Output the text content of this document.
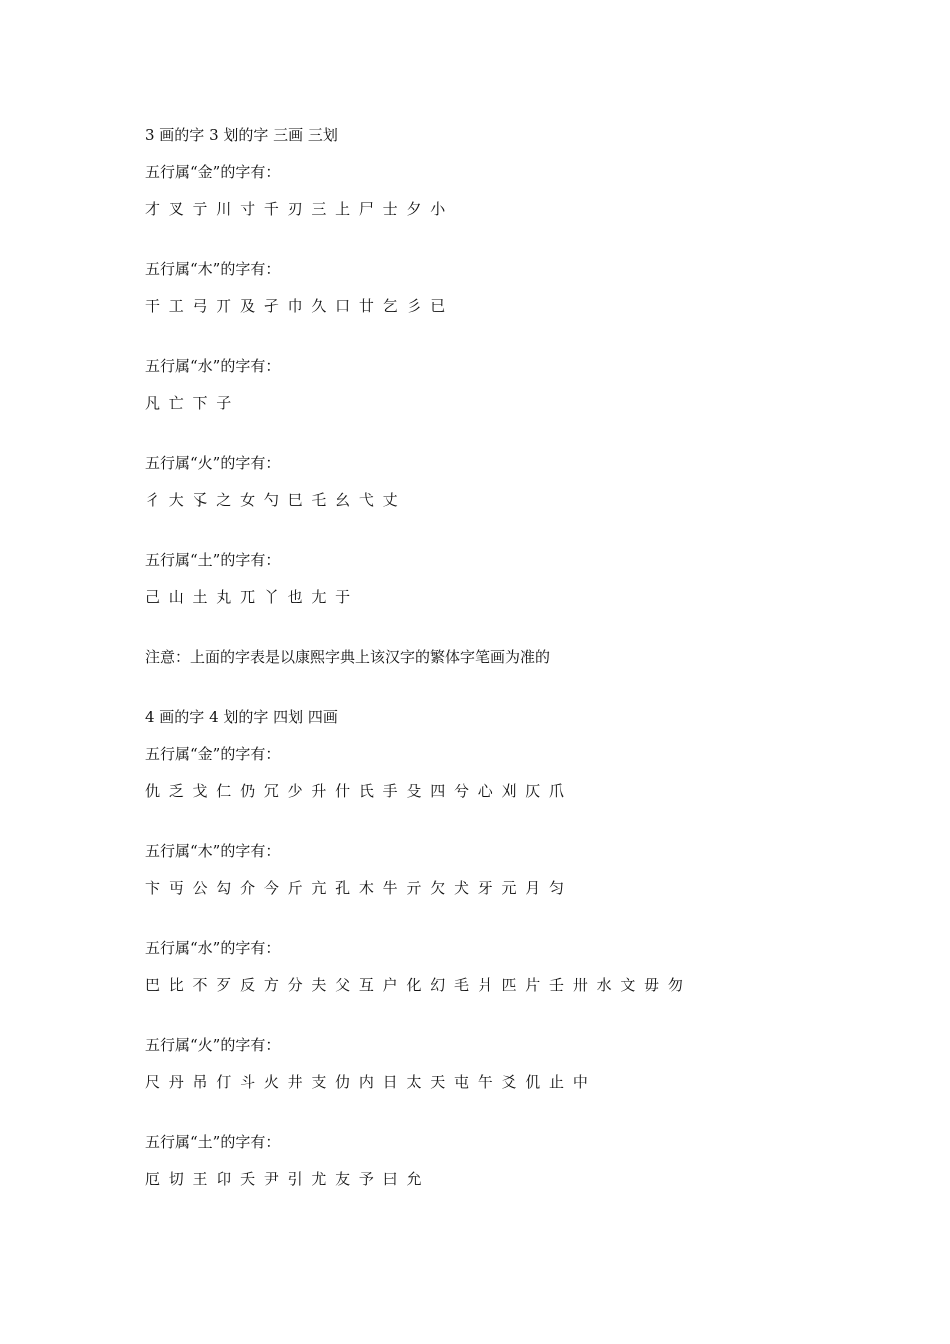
3 画的字 3 划的字 三画 三划
五行属“金”的字有：
才 叉 亍 川 寸 千 刃 三 上 尸 士 夕 小
五行属“木”的字有：
干 工 弓 丌 及 孑 巾 久 口 廿 乞 彡 已
五行属“水”的字有：
凡 亡 下 子
五行属“火”的字有：
彳 大 孓 之 女 勺 巳 乇 幺 弋 丈
五行属“土”的字有：
己 山 土 丸 兀 丫 也 尢 于
注意：上面的字表是以康熙字典上该汉字的繁体字笔画为准的
4 画的字 4 划的字 四划 四画
五行属“金”的字有：
仇 乏 戈 仁 仍 冗 少 升 什 氏 手 殳 四 兮 心 刈 仄 爪
五行属“木”的字有：
卞 丏 公 勾 介 今 斤 亢 孔 木 牛 亓 欠 犬 牙 元 月 匀
五行属“水”的字有：
巴 比 不 歹 反 方 分 夫 父 互 户 化 幻 毛 爿 匹 片 壬 卅 水 文 毋 勿
五行属“火”的字有：
尺 丹 吊 仃 斗 火 井 支 仂 内 日 太 天 屯 午 爻 仉 止 中
五行属“土”的字有：
厄 切 王 卬 夭 尹 引 尤 友 予 曰 允
